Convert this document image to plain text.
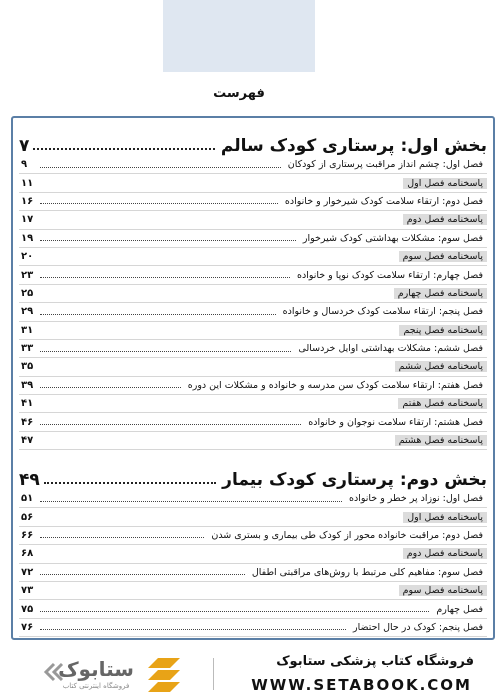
فهرست
بخش اول: پرستاری کودک سالم
۷
فصل اول: چشم انداز مراقبت پرستاری از کودکان
۹
پاسخنامه فصل اول
۱۱
فصل دوم: ارتقاء سلامت کودک شیرخوار و خانواده
۱۶
پاسخنامه فصل دوم
۱۷
فصل سوم: مشکلات بهداشتی کودک شیرخوار
۱۹
پاسخنامه فصل سوم
۲۰
فصل چهارم: ارتقاء سلامت کودک نوپا و خانواده
۲۳
پاسخنامه فصل چهارم
۲۵
فصل پنجم: ارتقاء سلامت کودک خردسال و خانواده
۲۹
پاسخنامه فصل پنجم
۳۱
فصل ششم: مشکلات بهداشتی اوایل خردسالی
۳۳
پاسخنامه فصل ششم
۳۵
فصل هفتم: ارتقاء سلامت کودک سن مدرسه و خانواده و مشکلات این دوره
۳۹
پاسخنامه فصل هفتم
۴۱
فصل هشتم: ارتقاء سلامت نوجوان و خانواده
۴۶
پاسخنامه فصل هشتم
۴۷
بخش دوم: پرستاری کودک بیمار
۴۹
فصل اول: نوزاد پر خطر و خانواده
۵۱
پاسخنامه فصل اول
۵۶
فصل دوم: مراقبت خانواده محور از کودک طی بیماری و بستری شدن
۶۶
پاسخنامه فصل دوم
۶۸
فصل سوم: مفاهیم کلی مرتبط با روش‌های مراقبتی اطفال
۷۲
پاسخنامه فصل سوم
۷۳
فصل چهارم
۷۵
فصل پنجم: کودک در حال احتضار
۷۶
ستابوک
فروشگاه اینترنتی کتاب
فروشگاه کتاب پزشکی ستابوک
WWW.SETABOOK.COM
